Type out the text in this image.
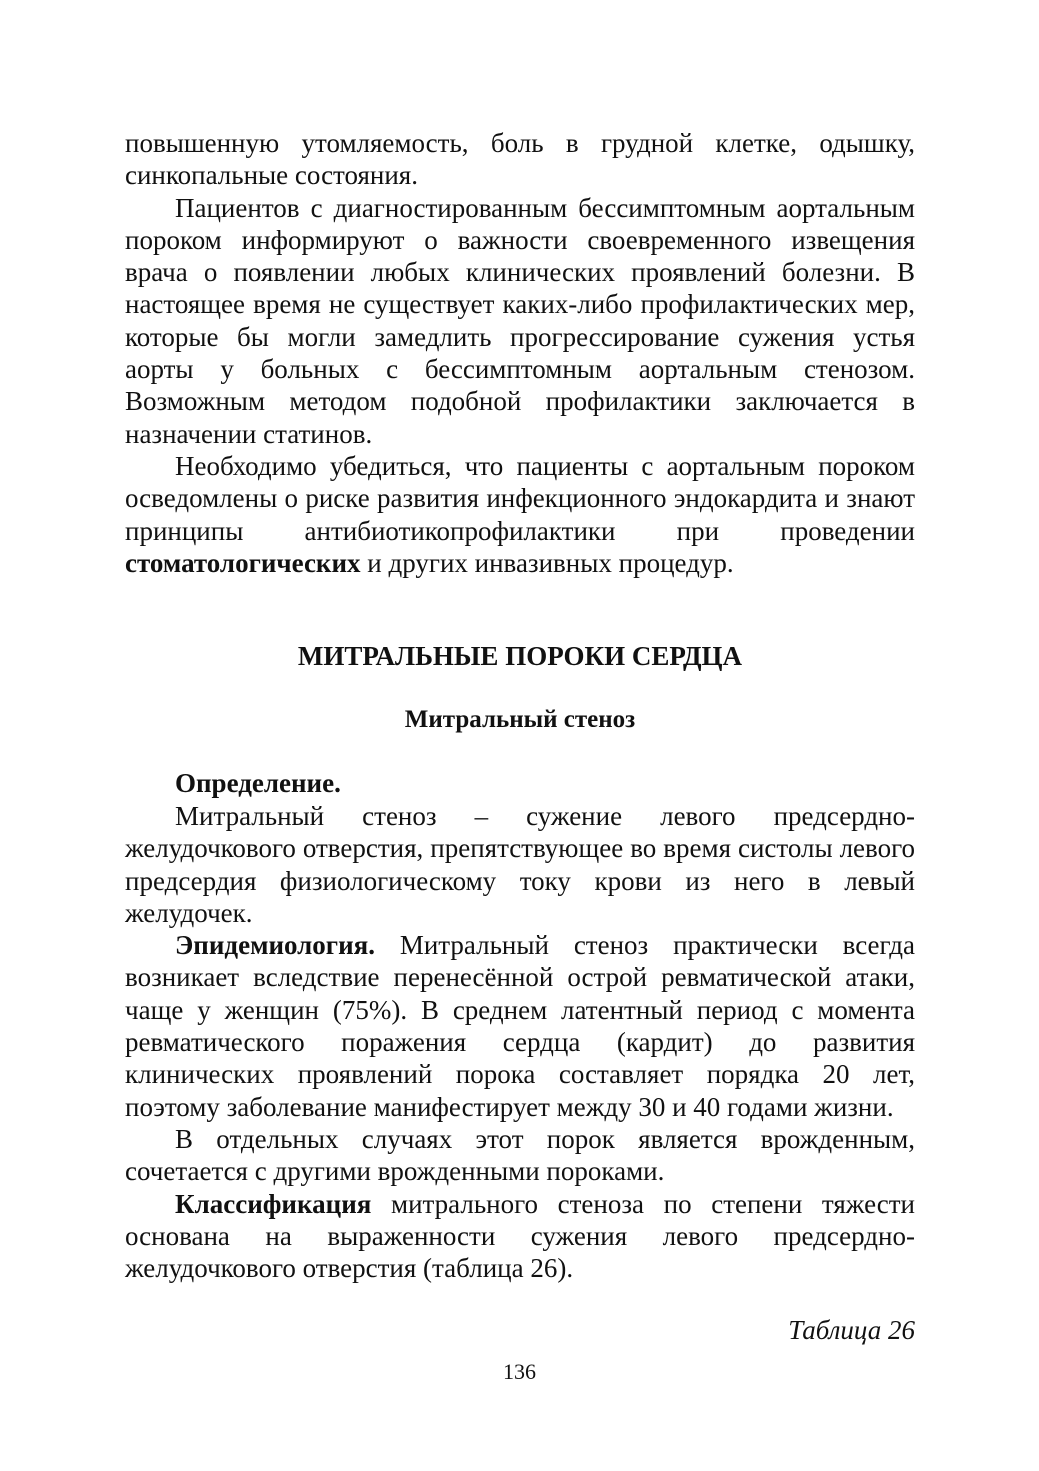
повышенную утомляемость, боль в грудной клетке, одышку, синкопальные состояния.

Пациентов с диагностированным бессимптомным аортальным пороком информируют о важности своевременного извещения врача о появлении любых клинических проявлений болезни. В настоящее время не существует каких-либо профилактических мер, которые бы могли замедлить прогрессирование сужения устья аорты у больных с бессимптомным аортальным стенозом. Возможным методом подобной профилактики заключается в назначении статинов.

Необходимо убедиться, что пациенты с аортальным пороком осведомлены о риске развития инфекционного эндокардита и знают принципы антибиотикопрофилактики при проведении стоматологических и других инвазивных процедур.

МИТРАЛЬНЫЕ ПОРОКИ СЕРДЦА
Митральный стеноз
Определение.

Митральный стеноз – сужение левого предсердно-желудочкового отверстия, препятствующее во время систолы левого предсердия физиологическому току крови из него в левый желудочек.

Эпидемиология. Митральный стеноз практически всегда возникает вследствие перенесённой острой ревматической атаки, чаще у женщин (75%). В среднем латентный период с момента ревматического поражения сердца (кардит) до развития клинических проявлений порока составляет порядка 20 лет, поэтому заболевание манифестирует между 30 и 40 годами жизни.

В отдельных случаях этот порок является врожденным, сочетается с другими врожденными пороками.

Классификация митрального стеноза по степени тяжести основана на выраженности сужения левого предсердно-желудочкового отверстия (таблица 26).

Таблица 26
136
